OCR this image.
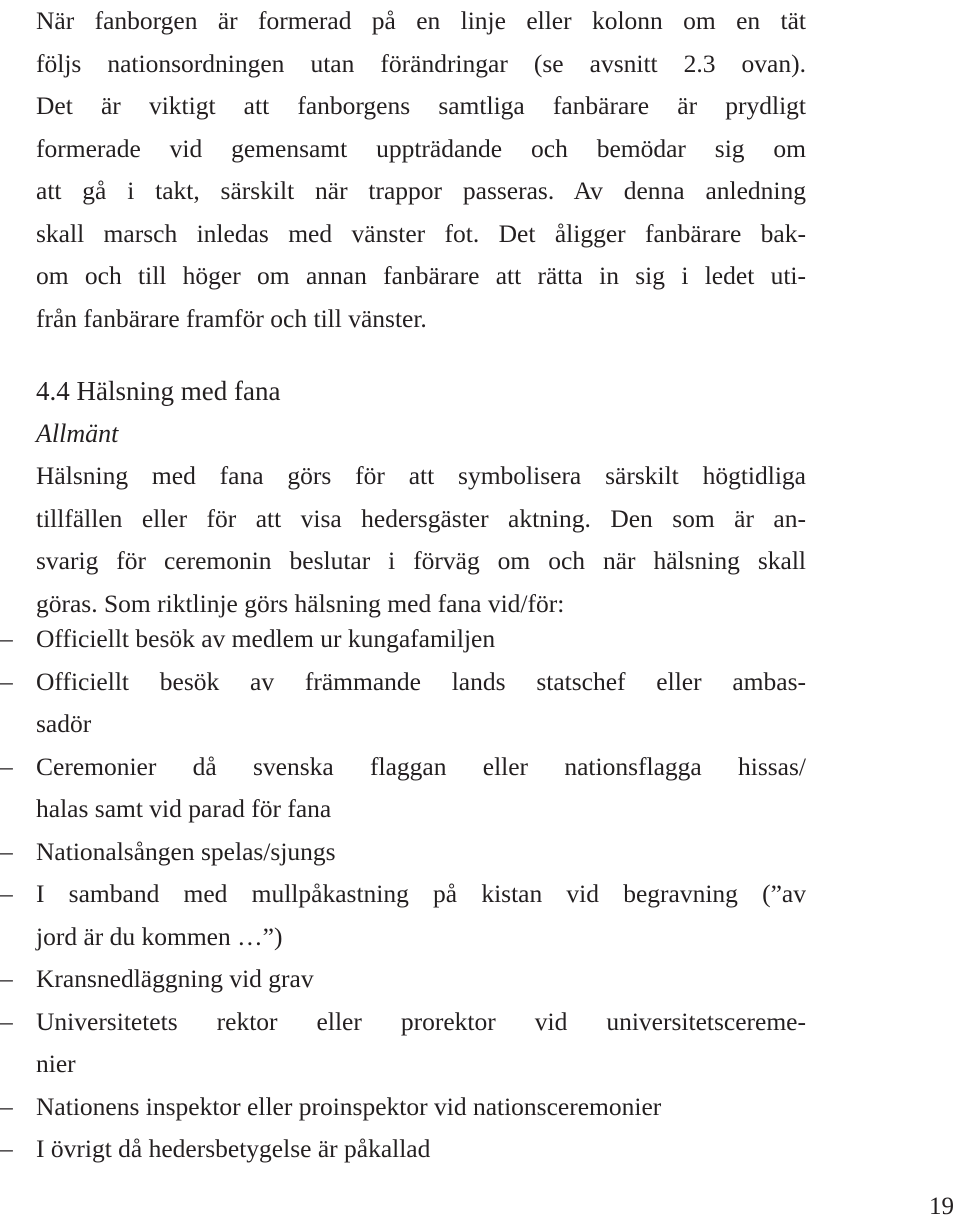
När fanborgen är formerad på en linje eller kolonn om en tät
följs nationsordningen utan förändringar (se avsnitt 2.3 ovan).
Det är viktigt att fanborgens samtliga fanbärare är prydligt
formerade vid gemensamt uppträdande och bemödar sig om
att gå i takt, särskilt när trappor passeras. Av denna anledning
skall marsch inledas med vänster fot. Det åligger fanbärare bak-
om och till höger om annan fanbärare att rätta in sig i ledet uti-
från fanbärare framför och till vänster.
4.4 Hälsning med fana
Allmänt
Hälsning med fana görs för att symbolisera särskilt högtidliga
tillfällen eller för att visa hedersgäster aktning. Den som är an-
svarig för ceremonin beslutar i förväg om och när hälsning skall
göras. Som riktlinje görs hälsning med fana vid/för:
– Officiellt besök av medlem ur kungafamiljen
– Officiellt besök av främmande lands statschef eller ambas-
sadör
– Ceremonier då svenska flaggan eller nationsflagga hissas/
halas samt vid parad för fana
– Nationalsången spelas/sjungs
– I samband med mullpåkastning på kistan vid begravning (”av
jord är du kommen …”)
– Kransnedläggning vid grav
– Universitetets rektor eller prorektor vid universitetscereme-
nier
– Nationens inspektor eller proinspektor vid nationsceremonier
– I övrigt då hedersbetygelse är påkallad
19
